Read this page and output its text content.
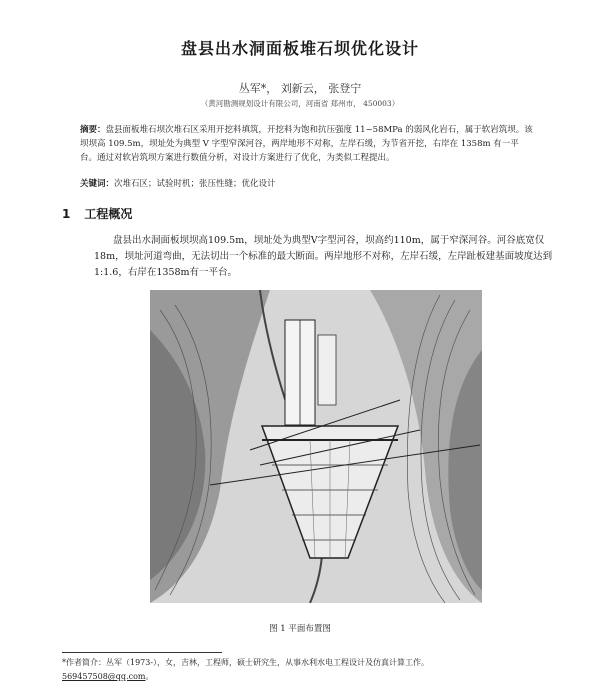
盘县出水洞面板堆石坝优化设计
丛军*， 刘新云， 张登宁
（黄河勘测规划设计有限公司，河南省 郑州市， 450003）
摘要：盘县面板堆石坝次堆石区采用开挖料填筑，开挖料为饱和抗压强度 11~58MPa 的弱风化岩石，属于软岩筑坝。该坝坝高 109.5m，坝址处为典型 V 字型窄深河谷，两岸地形不对称，左岸石缓，为节省开挖，右岸在 1358m 有一平台。通过对软岩筑坝方案进行数值分析，对设计方案进行了优化，为类似工程提出。
关键词：次堆石区；试验时机；张压性缝；优化设计
1 工程概况
盘县出水洞面板坝坝高109.5m，坝址处为典型V字型河谷，坝高约110m，属于窄深河谷。河谷底宽仅18m，坝址河道弯曲，无法切出一个标准的最大断面。两岸地形不对称，左岸石缓，左岸趾板建基面坡度达到1:1.6，右岸在1358m有一平台。
图 1 平面布置图
*作者简介：丛军（1973-），女，吉林，工程师，硕士研究生，从事水利水电工程设计及仿真计算工作。
569457508@qq.com。
